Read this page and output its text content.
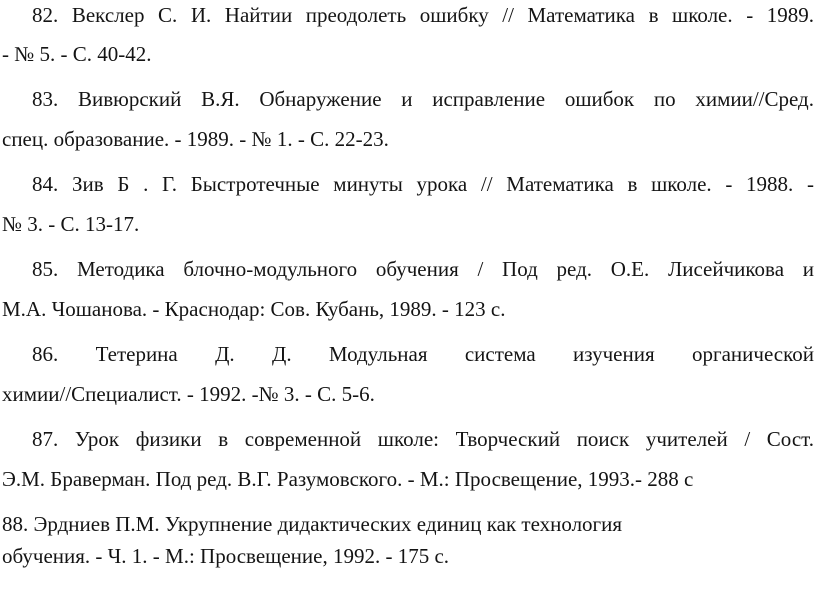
82. Векслер С. И. Найтии преодолеть ошибку // Математика в школе. - 1989.
- № 5. - С. 40-42.
83. Вивюрский В.Я. Обнаружение и исправление ошибок по химии//Сред.
спец. образование. - 1989. - № 1. - С. 22-23.
84. Зив Б . Г. Быстротечные минуты урока // Математика в школе. - 1988. -
№ 3. - С. 13-17.
85. Методика блочно-модульного обучения / Под ред. О.Е. Лисейчикова и
М.А. Чошанова. - Краснодар: Сов. Кубань, 1989. - 123 с.
86. Тетерина Д. Д. Модульная система изучения органической
химии//Специалист. - 1992. -№ 3. - С. 5-6.
87. Урок физики в современной школе: Творческий поиск учителей / Сост.
Э.М. Браверман. Под ред. В.Г. Разумовского. - М.: Просвещение, 1993.- 288 с
88. Эрдниев П.М. Укрупнение дидактических единиц как технология
обучения. - Ч. 1. - М.: Просвещение, 1992. - 175 с.
